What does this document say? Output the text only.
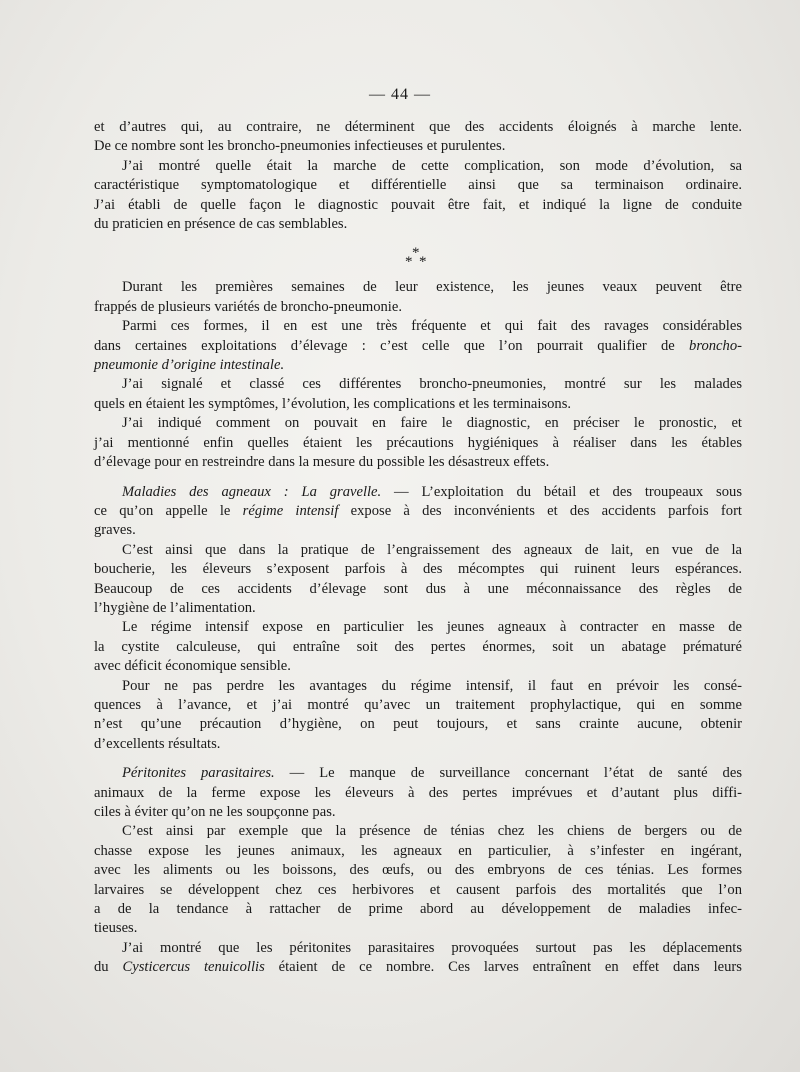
— 44 —
et d’autres qui, au contraire, ne déterminent que des accidents éloignés à marche lente.
De ce nombre sont les broncho-pneumonies infectieuses et purulentes.
J’ai montré quelle était la marche de cette complication, son mode d’évolution, sa
caractéristique symptomatologique et différentielle ainsi que sa terminaison ordinaire.
J’ai établi de quelle façon le diagnostic pouvait être fait, et indiqué la ligne de conduite
du praticien en présence de cas semblables.
*
* *
Durant les premières semaines de leur existence, les jeunes veaux peuvent être
frappés de plusieurs variétés de broncho-pneumonie.
Parmi ces formes, il en est une très fréquente et qui fait des ravages considérables
dans certaines exploitations d’élevage : c’est celle que l’on pourrait qualifier de broncho-
pneumonie d’origine intestinale.
J’ai signalé et classé ces différentes broncho-pneumonies, montré sur les malades
quels en étaient les symptômes, l’évolution, les complications et les terminaisons.
J’ai indiqué comment on pouvait en faire le diagnostic, en préciser le pronostic, et
j’ai mentionné enfin quelles étaient les précautions hygiéniques à réaliser dans les étables
d’élevage pour en restreindre dans la mesure du possible les désastreux effets.
Maladies des agneaux : La gravelle. — L’exploitation du bétail et des troupeaux sous
ce qu’on appelle le régime intensif expose à des inconvénients et des accidents parfois fort
graves.
C’est ainsi que dans la pratique de l’engraissement des agneaux de lait, en vue de la
boucherie, les éleveurs s’exposent parfois à des mécomptes qui ruinent leurs espérances.
Beaucoup de ces accidents d’élevage sont dus à une méconnaissance des règles de
l’hygiène de l’alimentation.
Le régime intensif expose en particulier les jeunes agneaux à contracter en masse de
la cystite calculeuse, qui entraîne soit des pertes énormes, soit un abatage prématuré
avec déficit économique sensible.
Pour ne pas perdre les avantages du régime intensif, il faut en prévoir les consé-
quences à l’avance, et j’ai montré qu’avec un traitement prophylactique, qui en somme
n’est qu’une précaution d’hygiène, on peut toujours, et sans crainte aucune, obtenir
d’excellents résultats.
Péritonites parasitaires. — Le manque de surveillance concernant l’état de santé des
animaux de la ferme expose les éleveurs à des pertes imprévues et d’autant plus diffi-
ciles à éviter qu’on ne les soupçonne pas.
C’est ainsi par exemple que la présence de ténias chez les chiens de bergers ou de
chasse expose les jeunes animaux, les agneaux en particulier, à s’infester en ingérant,
avec les aliments ou les boissons, des œufs, ou des embryons de ces ténias. Les formes
larvaires se développent chez ces herbivores et causent parfois des mortalités que l’on
a de la tendance à rattacher de prime abord au développement de maladies infec-
tieuses.
J’ai montré que les péritonites parasitaires provoquées surtout pas les déplacements
du Cysticercus tenuicollis étaient de ce nombre. Ces larves entraînent en effet dans leurs
